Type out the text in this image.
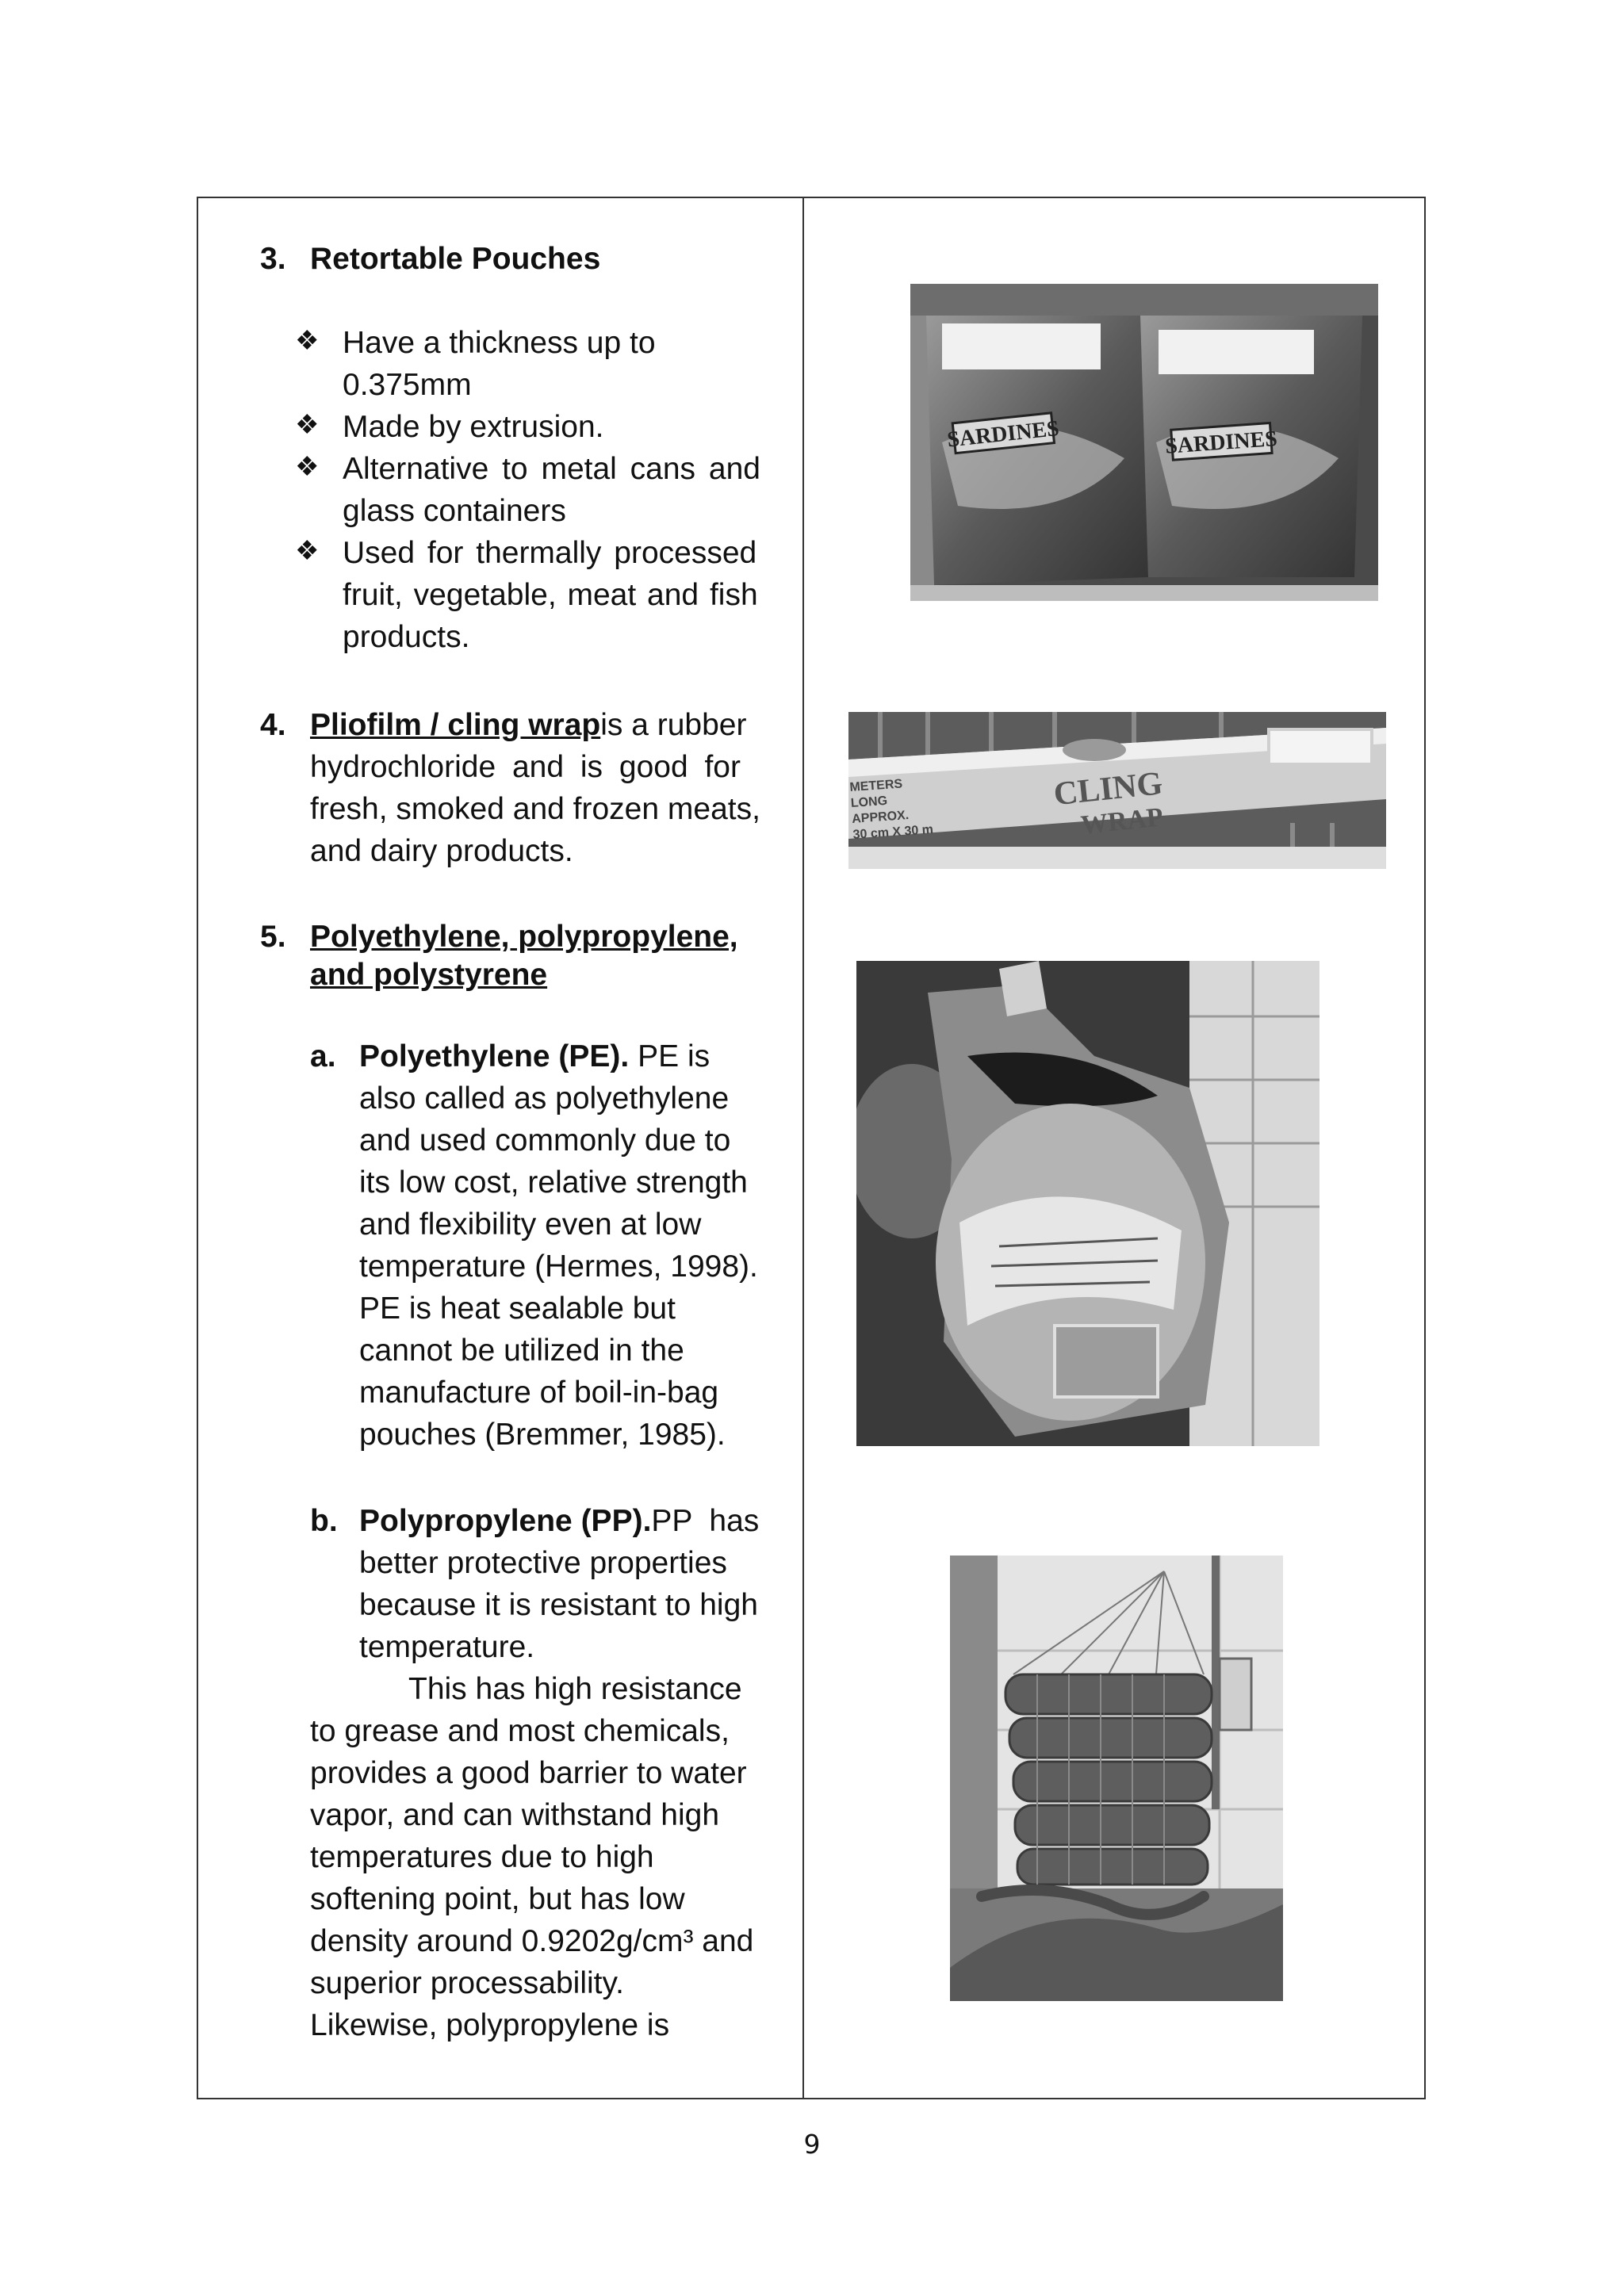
3. Retortable Pouches
❖ Have a thickness up to
0.375mm
❖ Made by extrusion.
❖ Alternative to metal cans and
glass containers
❖ Used for thermally processed
fruit, vegetable, meat and fish
products.
4. Pliofilm / cling wrapis a rubber
hydrochloride and is good for
fresh, smoked and frozen meats,
and dairy products.
5. Polyethylene, polypropylene,
and polystyrene
a. Polyethylene (PE). PE is
also called as polyethylene
and used commonly due to
its low cost, relative strength
and flexibility even at low
temperature (Hermes, 1998).
PE is heat sealable but
cannot be utilized in the
manufacture of boil-in-bag
pouches (Bremmer, 1985).
b. Polypropylene (PP).PP  has
better protective properties
because it is resistant to high
temperature.
This has high resistance
to grease and most chemicals,
provides a good barrier to water
vapor, and can withstand high
temperatures due to high
softening point, but has low
density around 0.9202g/cm³ and
superior processability.
Likewise, polypropylene is
SARDINES	SARDINES
METERS
LONG
APPROX.
30 cm X 30 m
CLING
WRAP
9
